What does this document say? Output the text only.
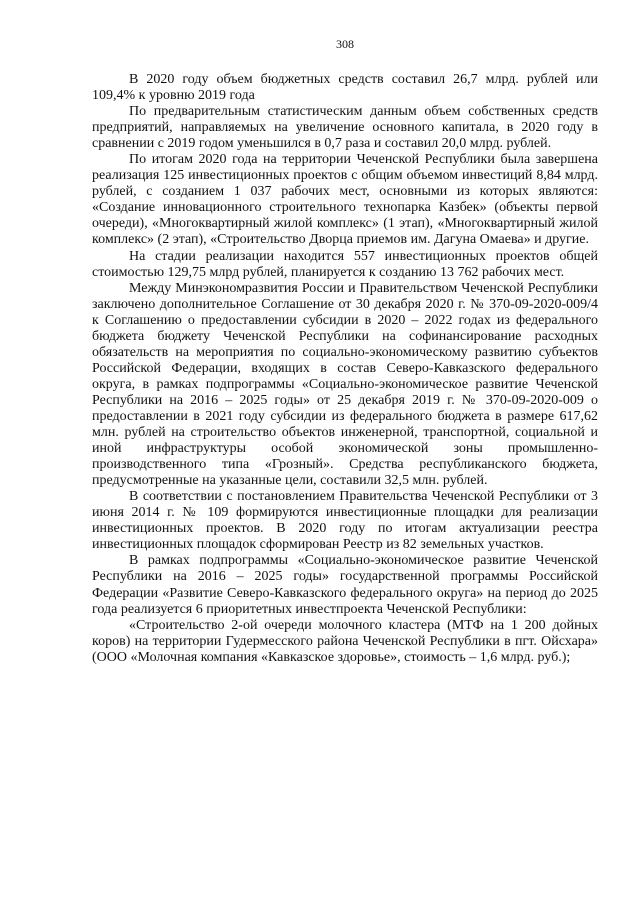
308

В 2020 году объем бюджетных средств составил 26,7 млрд. рублей или 109,4% к уровню 2019 года

По предварительным статистическим данным объем собственных средств предприятий, направляемых на увеличение основного капитала, в 2020 году в сравнении с 2019 годом уменьшился в 0,7 раза и составил 20,0 млрд. рублей.

По итогам 2020 года на территории Чеченской Республики была завершена реализация 125 инвестиционных проектов с общим объемом инвестиций 8,84 млрд. рублей, с созданием 1 037 рабочих мест, основными из которых являются: «Создание инновационного строительного технопарка Казбек» (объекты первой очереди), «Многоквартирный жилой комплекс» (1 этап), «Многоквартирный жилой комплекс» (2 этап), «Строительство Дворца приемов им. Дагуна Омаева» и другие.

На стадии реализации находится 557 инвестиционных проектов общей стоимостью 129,75 млрд рублей, планируется к созданию 13 762 рабочих мест.

Между Минэкономразвития России и Правительством Чеченской Республики заключено дополнительное Соглашение от 30 декабря 2020 г. № 370-09-2020-009/4 к Соглашению о предоставлении субсидии в 2020 – 2022 годах из федерального бюджета бюджету Чеченской Республики на софинансирование расходных обязательств на мероприятия по социально-экономическому развитию субъектов Российской Федерации, входящих в состав Северо-Кавказского федерального округа, в рамках подпрограммы «Социально-экономическое развитие Чеченской Республики на 2016 – 2025 годы» от 25 декабря 2019 г. № 370-09-2020-009 о предоставлении в 2021 году субсидии из федерального бюджета в размере 617,62 млн. рублей на строительство объектов инженерной, транспортной, социальной и иной инфраструктуры особой экономической зоны промышленно-производственного типа «Грозный». Средства республиканского бюджета, предусмотренные на указанные цели, составили 32,5 млн. рублей.

В соответствии с постановлением Правительства Чеченской Республики от 3 июня 2014 г. № 109 формируются инвестиционные площадки для реализации инвестиционных проектов. В 2020 году по итогам актуализации реестра инвестиционных площадок сформирован Реестр из 82 земельных участков.

В рамках подпрограммы «Социально-экономическое развитие Чеченской Республики на 2016 – 2025 годы» государственной программы Российской Федерации «Развитие Северо-Кавказского федерального округа» на период до 2025 года реализуется 6 приоритетных инвестпроекта Чеченской Республики:

«Строительство 2-ой очереди молочного кластера (МТФ на 1 200 дойных коров) на территории Гудермесского района Чеченской Республики в пгт. Ойсхара» (ООО «Молочная компания «Кавказское здоровье», стоимость – 1,6 млрд. руб.);
